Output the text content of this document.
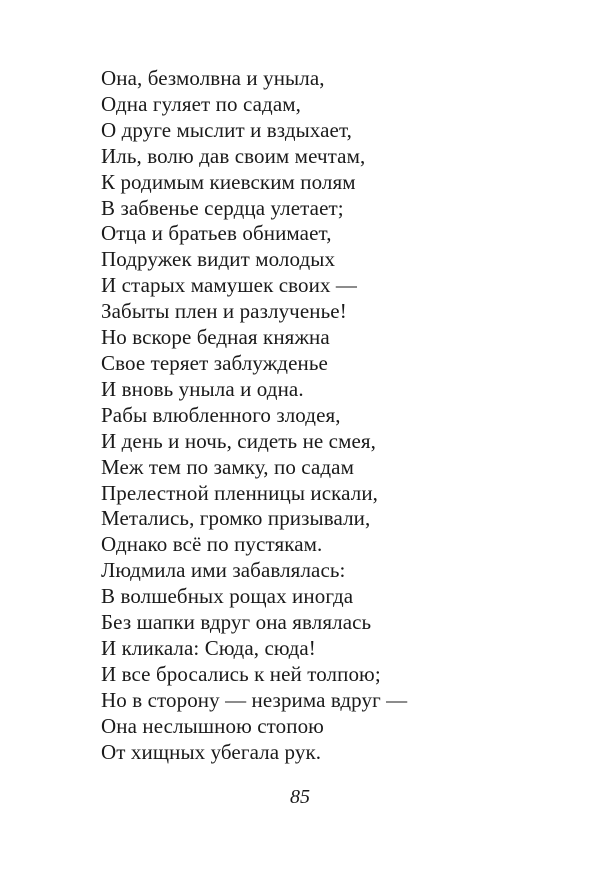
Она, безмолвна и уныла,
Одна гуляет по садам,
О друге мыслит и вздыхает,
Иль, волю дав своим мечтам,
К родимым киевским полям
В забвенье сердца улетает;
Отца и братьев обнимает,
Подружек видит молодых
И старых мамушек своих —
Забыты плен и разлученье!
Но вскоре бедная княжна
Свое теряет заблужденье
И вновь уныла и одна.
Рабы влюбленного злодея,
И день и ночь, сидеть не смея,
Меж тем по замку, по садам
Прелестной пленницы искали,
Метались, громко призывали,
Однако всё по пустякам.
Людмила ими забавлялась:
В волшебных рощах иногда
Без шапки вдруг она являлась
И кликала: Сюда, сюда!
И все бросались к ней толпою;
Но в сторону — незрима вдруг —
Она неслышною стопою
От хищных убегала рук.
85
